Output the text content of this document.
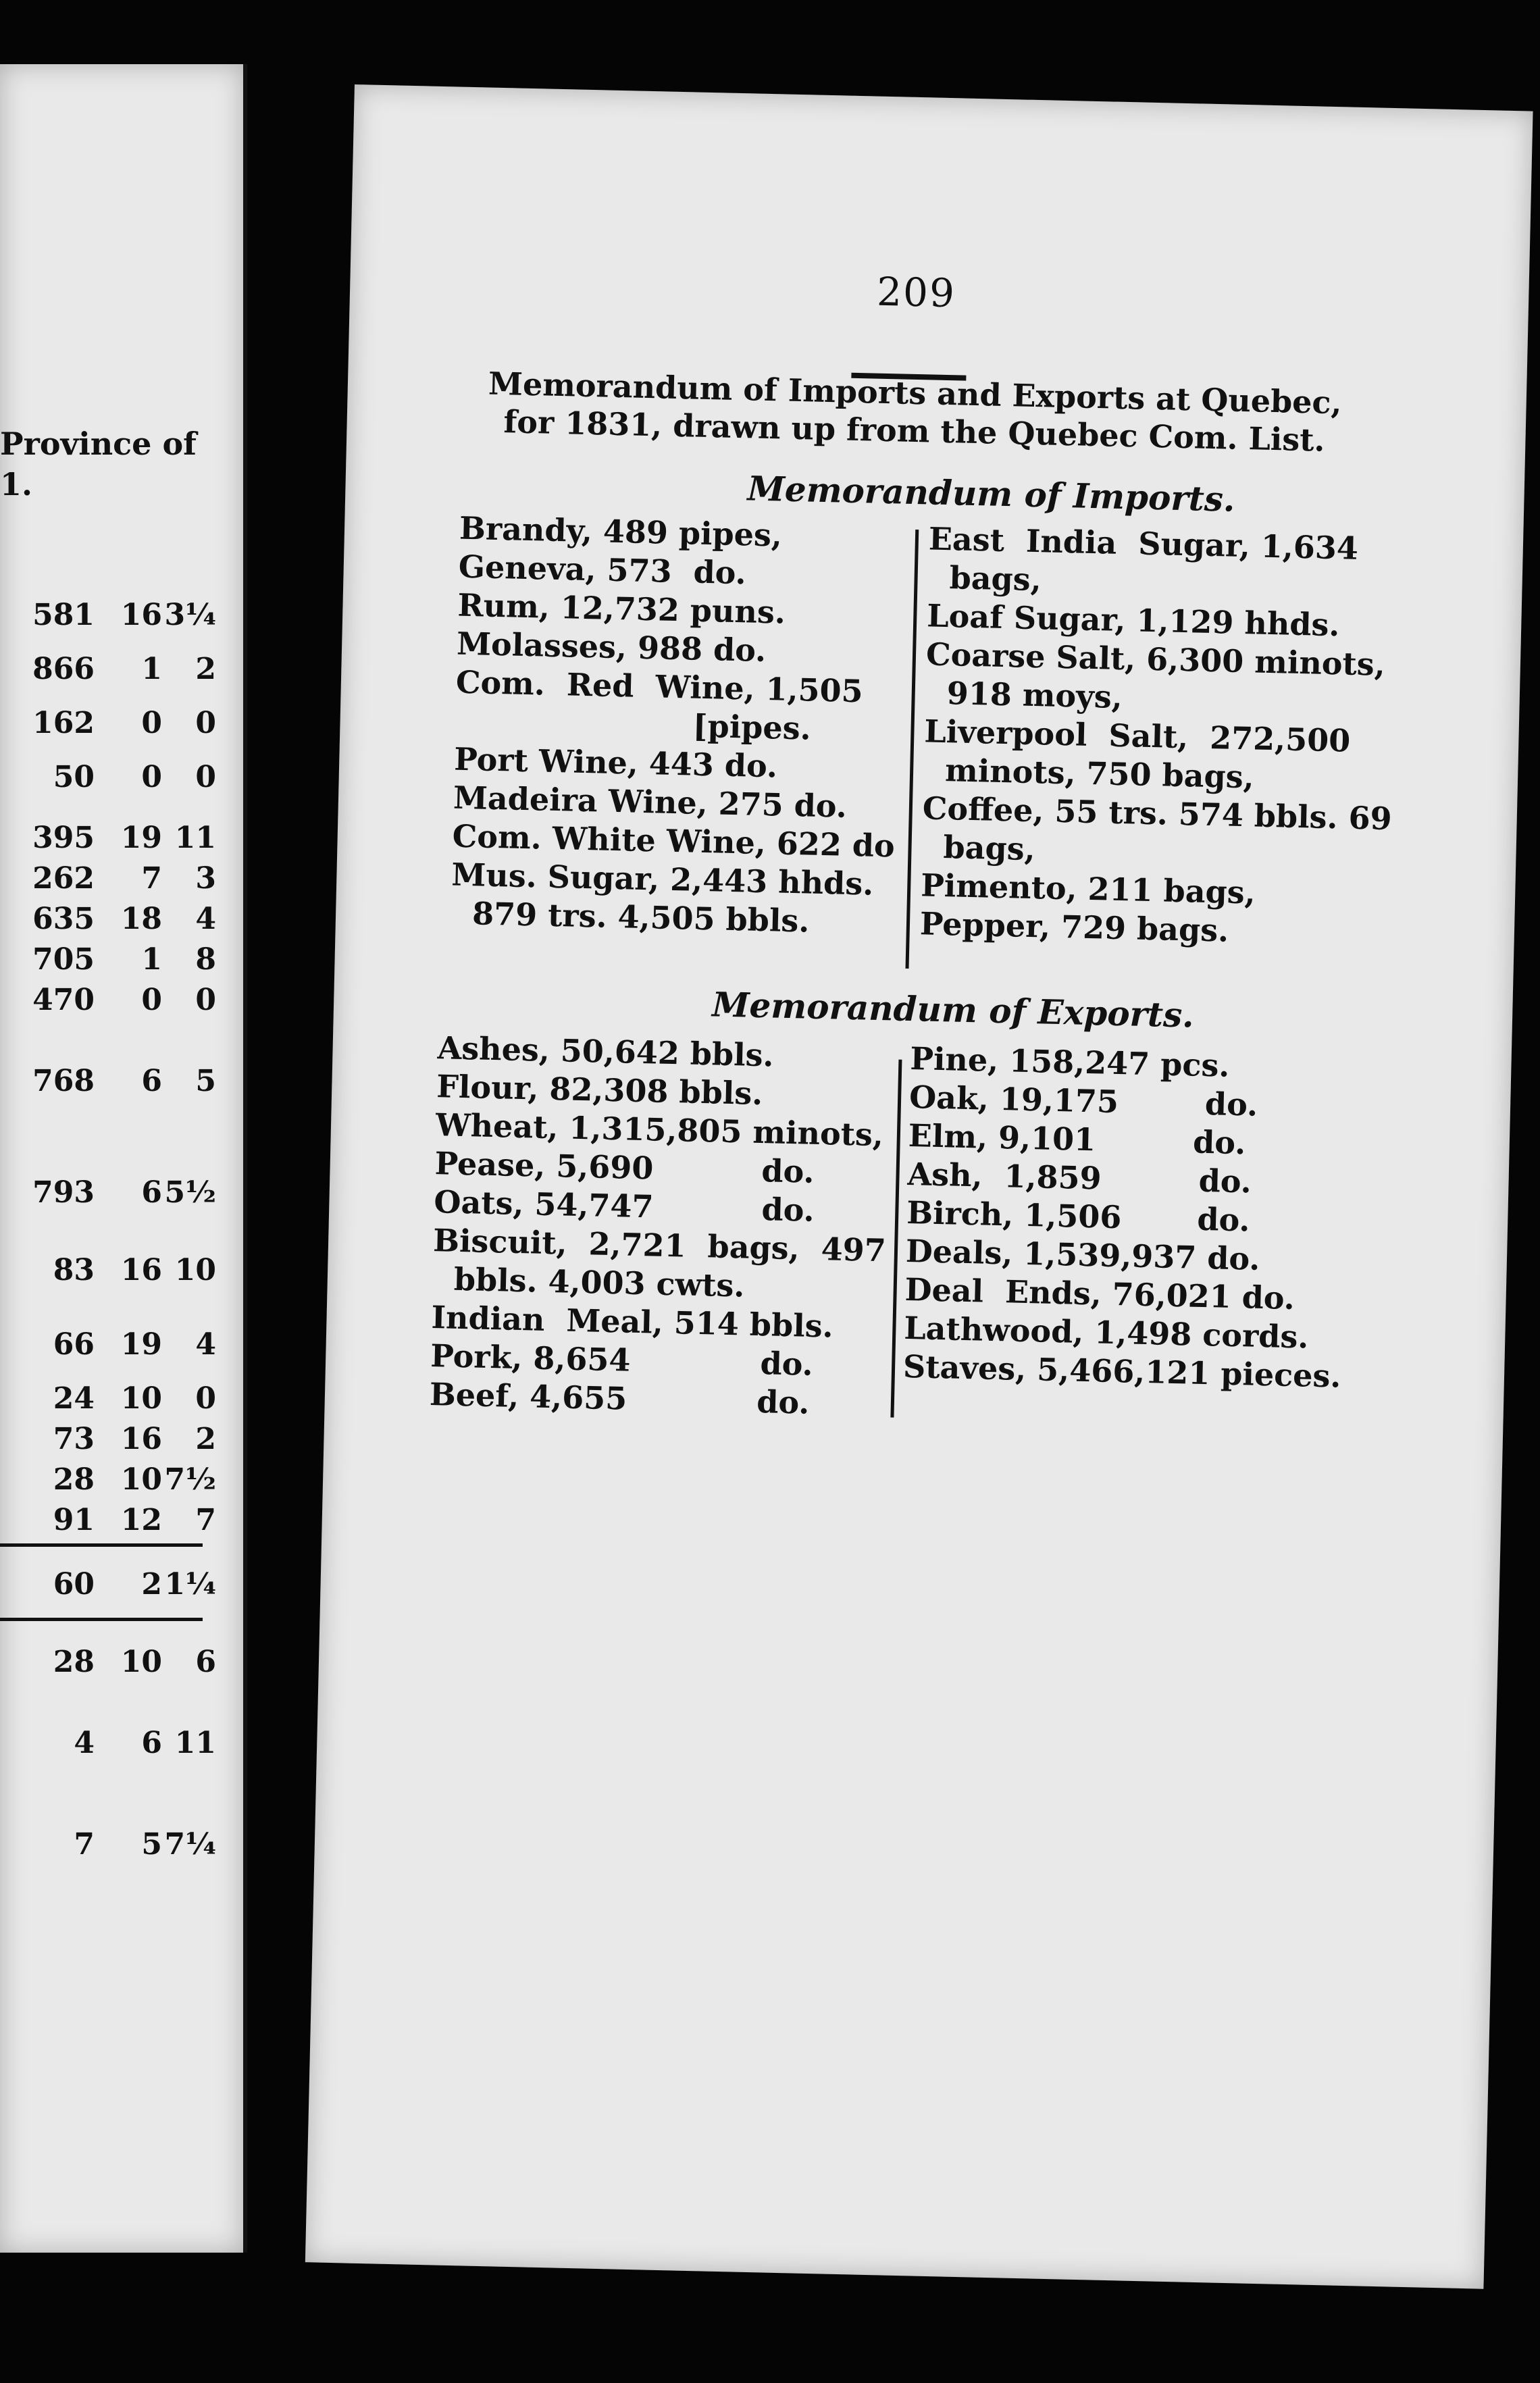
Province of
1.
581 16 3¼
866 1 2
162 0 0
50 0 0
395 19 11
262 7 3
635 18 4
705 1 8
470 0 0
768 6 5
793 6 5½
83 16 10
66 19 4
24 10 0
73 16 2
28 10 7½
91 12 7
60 2 1¼
28 10 6
4 6 11
7 5 7¼
209
Memorandum of Imports and Exports at Quebec, for 1831, drawn up from the Quebec Com. List.
Memorandum of Imports.
Brandy, 489 pipes,
Geneva, 573  do.
Rum, 12,732 puns.
Molasses, 988 do.
Com.  Red  Wine, 1,505
[pipes.
Port Wine, 443 do.
Madeira Wine, 275 do.
Com. White Wine, 622 do
Mus. Sugar, 2,443 hhds.
879 trs. 4,505 bbls.
East  India  Sugar, 1,634
bags,
Loaf Sugar, 1,129 hhds.
Coarse Salt, 6,300 minots,
918 moys,
Liverpool  Salt,  272,500
minots, 750 bags,
Coffee, 55 trs. 574 bbls. 69
bags,
Pimento, 211 bags,
Pepper, 729 bags.
Memorandum of Exports.
Ashes, 50,642 bbls.
Flour, 82,308 bbls.
Wheat, 1,315,805 minots,
Pease, 5,690          do.
Oats, 54,747          do.
Biscuit,  2,721  bags,  497
bbls. 4,003 cwts.
Indian  Meal, 514 bbls.
Pork, 8,654            do.
Beef, 4,655            do.
Pine, 158,247 pcs.
Oak, 19,175        do.
Elm, 9,101         do.
Ash,  1,859         do.
Birch, 1,506       do.
Deals, 1,539,937 do.
Deal  Ends, 76,021 do.
Lathwood, 1,498 cords.
Staves, 5,466,121 pieces.
